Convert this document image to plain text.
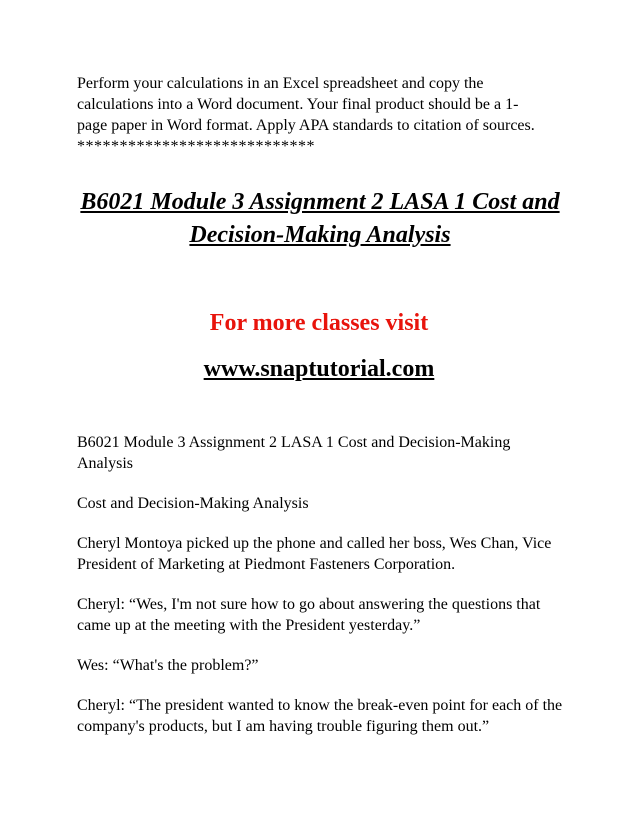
Perform your calculations in an Excel spreadsheet and copy the

calculations into a Word document. Your final product should be a 1-

page paper in Word format. Apply APA standards to citation of sources.

****************************

B6021 Module 3 Assignment 2 LASA 1 Cost and
Decision-Making Analysis

For more classes visit

www.snaptutorial.com

B6021 Module 3 Assignment 2 LASA 1 Cost and Decision-Making Analysis

Cost and Decision-Making Analysis

Cheryl Montoya picked up the phone and called her boss, Wes Chan, Vice President of Marketing at Piedmont Fasteners Corporation.

Cheryl: “Wes, I'm not sure how to go about answering the questions that came up at the meeting with the President yesterday.”

Wes: “What's the problem?”

Cheryl: “The president wanted to know the break-even point for each of the company's products, but I am having trouble figuring them out.”
